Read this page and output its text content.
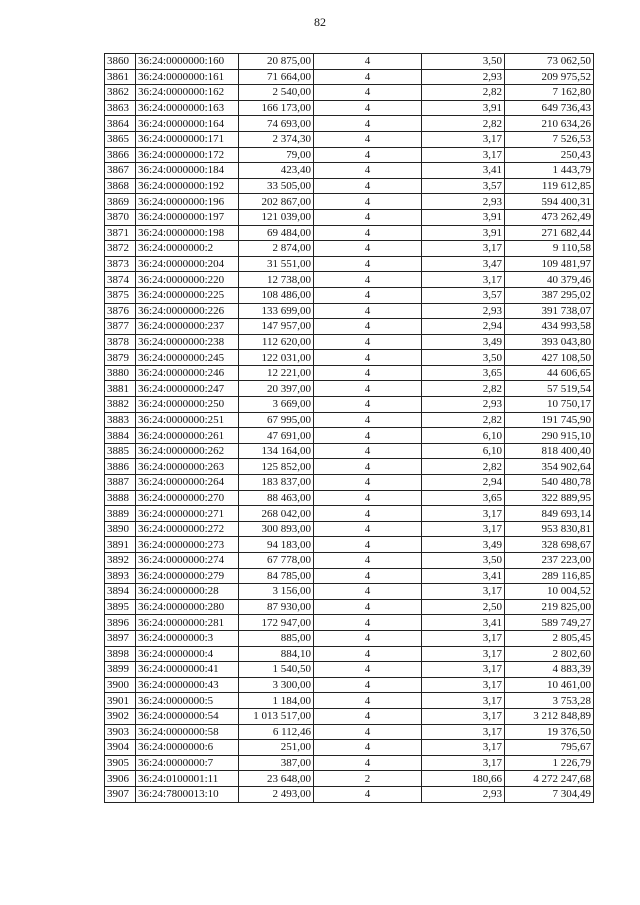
82
3860	36:24:0000000:160	20 875,00	4	3,50	73 062,50
3861	36:24:0000000:161	71 664,00	4	2,93	209 975,52
3862	36:24:0000000:162	2 540,00	4	2,82	7 162,80
3863	36:24:0000000:163	166 173,00	4	3,91	649 736,43
3864	36:24:0000000:164	74 693,00	4	2,82	210 634,26
3865	36:24:0000000:171	2 374,30	4	3,17	7 526,53
3866	36:24:0000000:172	79,00	4	3,17	250,43
3867	36:24:0000000:184	423,40	4	3,41	1 443,79
3868	36:24:0000000:192	33 505,00	4	3,57	119 612,85
3869	36:24:0000000:196	202 867,00	4	2,93	594 400,31
3870	36:24:0000000:197	121 039,00	4	3,91	473 262,49
3871	36:24:0000000:198	69 484,00	4	3,91	271 682,44
3872	36:24:0000000:2	2 874,00	4	3,17	9 110,58
3873	36:24:0000000:204	31 551,00	4	3,47	109 481,97
3874	36:24:0000000:220	12 738,00	4	3,17	40 379,46
3875	36:24:0000000:225	108 486,00	4	3,57	387 295,02
3876	36:24:0000000:226	133 699,00	4	2,93	391 738,07
3877	36:24:0000000:237	147 957,00	4	2,94	434 993,58
3878	36:24:0000000:238	112 620,00	4	3,49	393 043,80
3879	36:24:0000000:245	122 031,00	4	3,50	427 108,50
3880	36:24:0000000:246	12 221,00	4	3,65	44 606,65
3881	36:24:0000000:247	20 397,00	4	2,82	57 519,54
3882	36:24:0000000:250	3 669,00	4	2,93	10 750,17
3883	36:24:0000000:251	67 995,00	4	2,82	191 745,90
3884	36:24:0000000:261	47 691,00	4	6,10	290 915,10
3885	36:24:0000000:262	134 164,00	4	6,10	818 400,40
3886	36:24:0000000:263	125 852,00	4	2,82	354 902,64
3887	36:24:0000000:264	183 837,00	4	2,94	540 480,78
3888	36:24:0000000:270	88 463,00	4	3,65	322 889,95
3889	36:24:0000000:271	268 042,00	4	3,17	849 693,14
3890	36:24:0000000:272	300 893,00	4	3,17	953 830,81
3891	36:24:0000000:273	94 183,00	4	3,49	328 698,67
3892	36:24:0000000:274	67 778,00	4	3,50	237 223,00
3893	36:24:0000000:279	84 785,00	4	3,41	289 116,85
3894	36:24:0000000:28	3 156,00	4	3,17	10 004,52
3895	36:24:0000000:280	87 930,00	4	2,50	219 825,00
3896	36:24:0000000:281	172 947,00	4	3,41	589 749,27
3897	36:24:0000000:3	885,00	4	3,17	2 805,45
3898	36:24:0000000:4	884,10	4	3,17	2 802,60
3899	36:24:0000000:41	1 540,50	4	3,17	4 883,39
3900	36:24:0000000:43	3 300,00	4	3,17	10 461,00
3901	36:24:0000000:5	1 184,00	4	3,17	3 753,28
3902	36:24:0000000:54	1 013 517,00	4	3,17	3 212 848,89
3903	36:24:0000000:58	6 112,46	4	3,17	19 376,50
3904	36:24:0000000:6	251,00	4	3,17	795,67
3905	36:24:0000000:7	387,00	4	3,17	1 226,79
3906	36:24:0100001:11	23 648,00	2	180,66	4 272 247,68
3907	36:24:7800013:10	2 493,00	4	2,93	7 304,49
